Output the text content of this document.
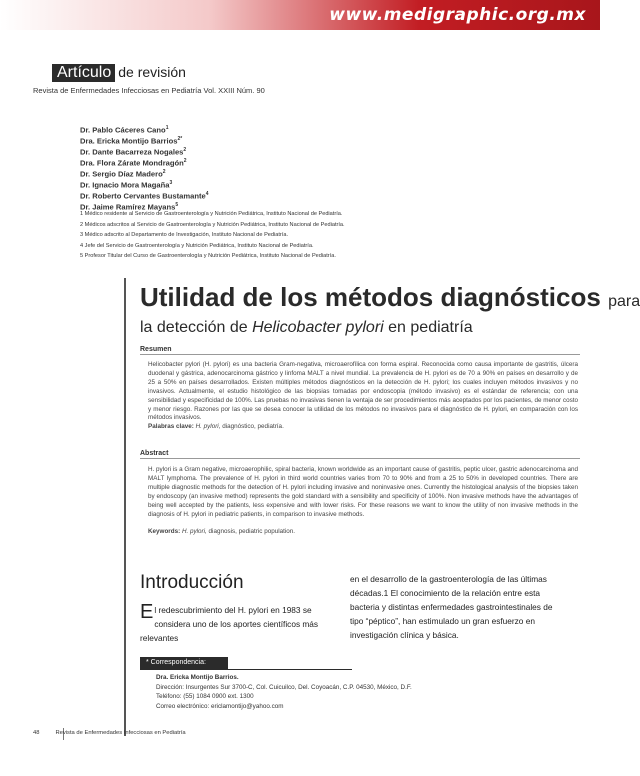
www.medigraphic.org.mx
Artículo de revisión
Revista de Enfermedades Infecciosas en Pediatría Vol. XXIII Núm. 90
Dr. Pablo Cáceres Cano$^1$
Dra. Ericka Montijo Barrios$^{2*}$
Dr. Dante Bacarreza Nogales$^2$
Dra. Flora Zárate Mondragón$^2$
Dr. Sergio Díaz Madero$^2$
Dr. Ignacio Mora Magaña$^3$
Dr. Roberto Cervantes Bustamante$^4$
Dr. Jaime Ramírez Mayans$^5$
1 Médico residente al Servicio de Gastroenterología y Nutrición Pediátrica, Instituto Nacional de Pediatría.
2 Médicos adscritos al Servicio de Gastroenterología y Nutrición Pediátrica, Instituto Nacional de Pediatría.
3 Médico adscrito al Departamento de Investigación, Instituto Nacional de Pediatría.
4 Jefe del Servicio de Gastroenterología y Nutrición Pediátrica, Instituto Nacional de Pediatría.
5 Profesor Titular del Curso de Gastroenterología y Nutrición Pediátrica, Instituto Nacional de Pediatría.
Utilidad de los métodos diagnósticos para
la detección de Helicobacter pylori en pediatría
Resumen
Helicobacter pylori (H. pylori) es una bacteria Gram-negativa, microaerofílica con forma espiral. Reconocida como causa importante de gastritis, úlcera duodenal y gástrica, adenocarcinoma gástrico y linfoma MALT a nivel mundial. La prevalencia de H. pylori es de 70 a 90% en países en desarrollo y de 25 a 50% en países desarrollados. Existen múltiples métodos diagnósticos en la detección de H. pylori; los cuales incluyen métodos invasivos y no invasivos. Actualmente, el estudio histológico de las biopsias tomadas por endoscopia (método invasivo) es el estándar de referencia; con una sensibilidad y especificidad de 100%. Las pruebas no invasivas tienen la ventaja de ser procedimientos más aceptados por los pacientes, de menor costo y menor riesgo. Razones por las que se desea conocer la utilidad de los métodos no invasivos para el diagnóstico de H. pylori, en comparación con los métodos invasivos.
Palabras clave: H. pylori, diagnóstico, pediatría.
Abstract
H. pylori is a Gram negative, microaerophilic, spiral bacteria, known worldwide as an important cause of gastritis, peptic ulcer, gastric adenocarcinoma and MALT lymphoma. The prevalence of H. pylori in third world countries varies from 70 to 90% and from a 25 to 50% in developed countries. There are multiple diagnostic methods for the detection of H. pylori including invasive and noninvasive ones. Currently the histological analysis of the biopsies taken by endoscopy (an invasive method) represents the gold standard with a sensibility and specificity of 100%. Non invasive methods have the advantages of being well accepted by the patients, less expensive and with lower risks. For these reasons we want to know the utility of non invasive methods in the diagnosis of H. pylori in pediatric patients, in comparison to invasive methods.
Keywords: H. pylori, diagnosis, pediatric population.
Introducción
El redescubrimiento del H. pylori en 1983 se considera uno de los aportes científicos más relevantes
en el desarrollo de la gastroenterología de las últimas décadas.1 El conocimiento de la relación entre esta bacteria y distintas enfermedades gastrointestinales de tipo “péptico”, han estimulado un gran esfuerzo en investigación clínica y básica.
* Correspondencia:
Dra. Ericka Montijo Barrios.
Dirección: Insurgentes Sur 3700-C, Col. Cuicuilco, Del. Coyoacán, C.P. 04530, México, D.F.
Teléfono: (55) 1084 0900 ext. 1300
Correo electrónico: ericlamontijo@yahoo.com
48	Revista de Enfermedades Infecciosas en Pediatría
